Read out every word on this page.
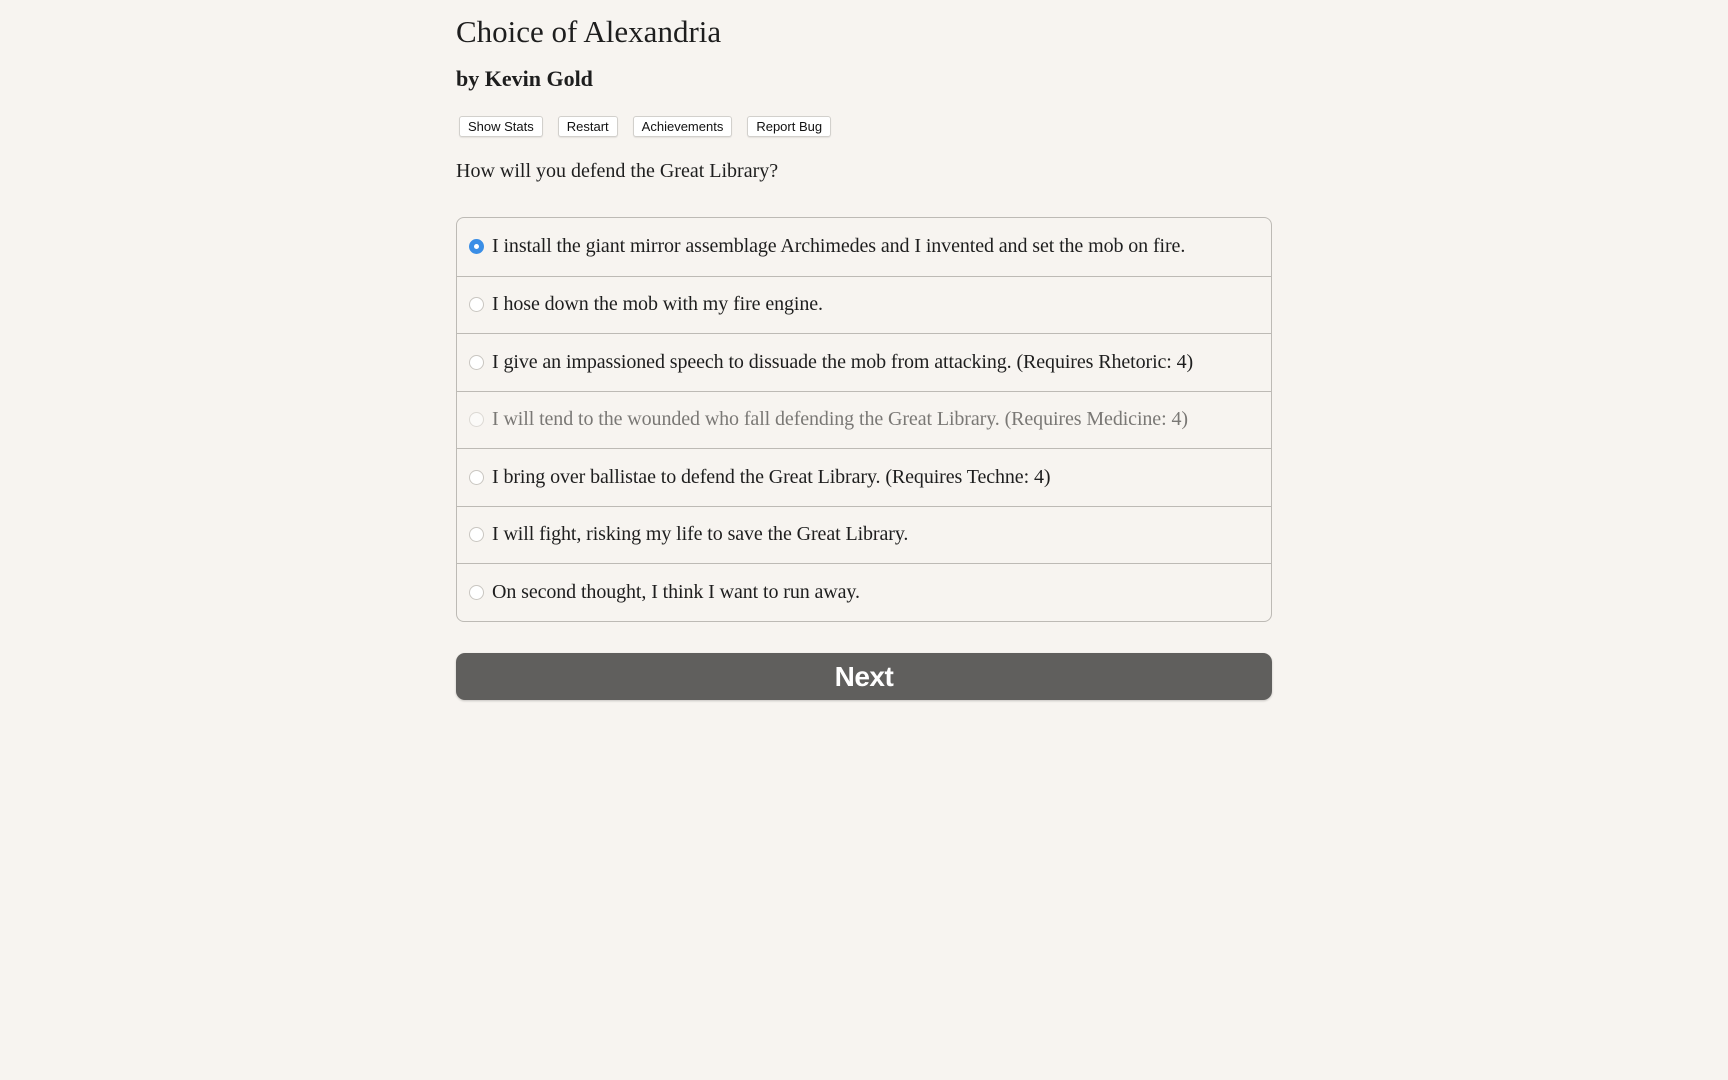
Choice of Alexandria
by Kevin Gold
Show Stats	Restart	Achievements	Report Bug

How will you defend the Great Library?

I install the giant mirror assemblage Archimedes and I invented and set the mob on fire.
I hose down the mob with my fire engine.
I give an impassioned speech to dissuade the mob from attacking. (Requires Rhetoric: 4)
I will tend to the wounded who fall defending the Great Library. (Requires Medicine: 4)
I bring over ballistae to defend the Great Library. (Requires Techne: 4)
I will fight, risking my life to save the Great Library.
On second thought, I think I want to run away.
Next
